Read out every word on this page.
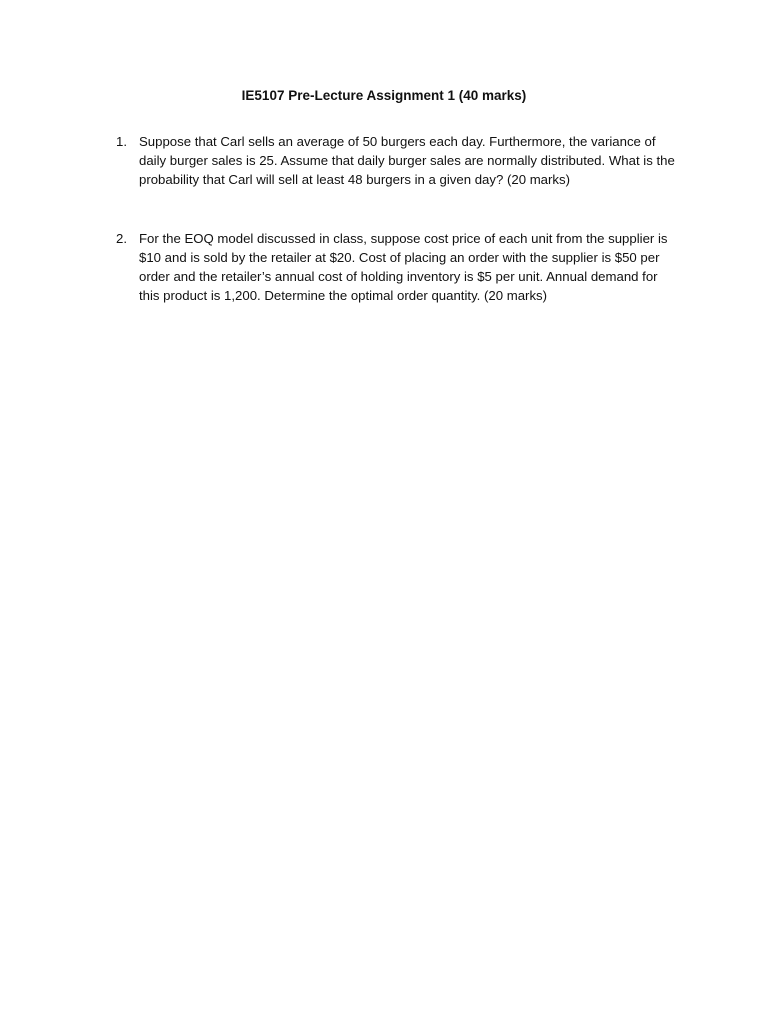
IE5107 Pre-Lecture Assignment 1 (40 marks)
1. Suppose that Carl sells an average of 50 burgers each day. Furthermore, the variance of daily burger sales is 25. Assume that daily burger sales are normally distributed. What is the probability that Carl will sell at least 48 burgers in a given day? (20 marks)
2. For the EOQ model discussed in class, suppose cost price of each unit from the supplier is $10 and is sold by the retailer at $20. Cost of placing an order with the supplier is $50 per order and the retailer’s annual cost of holding inventory is $5 per unit. Annual demand for this product is 1,200. Determine the optimal order quantity. (20 marks)
